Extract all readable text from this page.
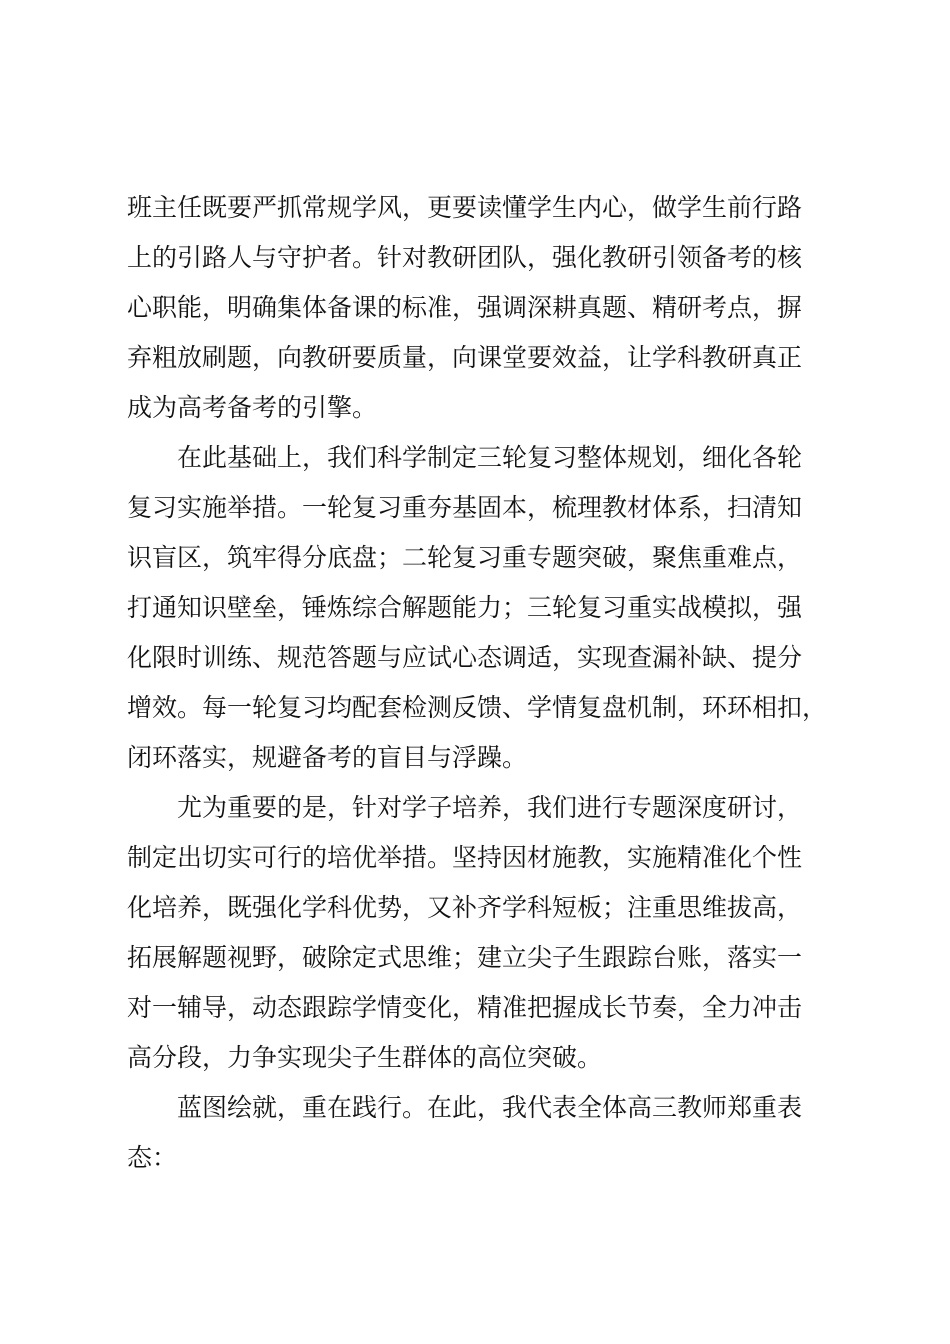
班主任既要严抓常规学风，更要读懂学生内心，做学生前行路
上的引路人与守护者。针对教研团队，强化教研引领备考的核
心职能，明确集体备课的标准，强调深耕真题、精研考点，摒
弃粗放刷题，向教研要质量，向课堂要效益，让学科教研真正
成为高考备考的引擎。

在此基础上，我们科学制定三轮复习整体规划，细化各轮
复习实施举措。一轮复习重夯基固本，梳理教材体系，扫清知
识盲区，筑牢得分底盘；二轮复习重专题突破，聚焦重难点，
打通知识壁垒，锤炼综合解题能力；三轮复习重实战模拟，强
化限时训练、规范答题与应试心态调适，实现查漏补缺、提分
增效。每一轮复习均配套检测反馈、学情复盘机制，环环相扣，
闭环落实，规避备考的盲目与浮躁。

尤为重要的是，针对学子培养，我们进行专题深度研讨，
制定出切实可行的培优举措。坚持因材施教，实施精准化个性
化培养，既强化学科优势，又补齐学科短板；注重思维拔高，
拓展解题视野，破除定式思维；建立尖子生跟踪台账，落实一
对一辅导，动态跟踪学情变化，精准把握成长节奏，全力冲击
高分段，力争实现尖子生群体的高位突破。

蓝图绘就，重在践行。在此，我代表全体高三教师郑重表
态：
